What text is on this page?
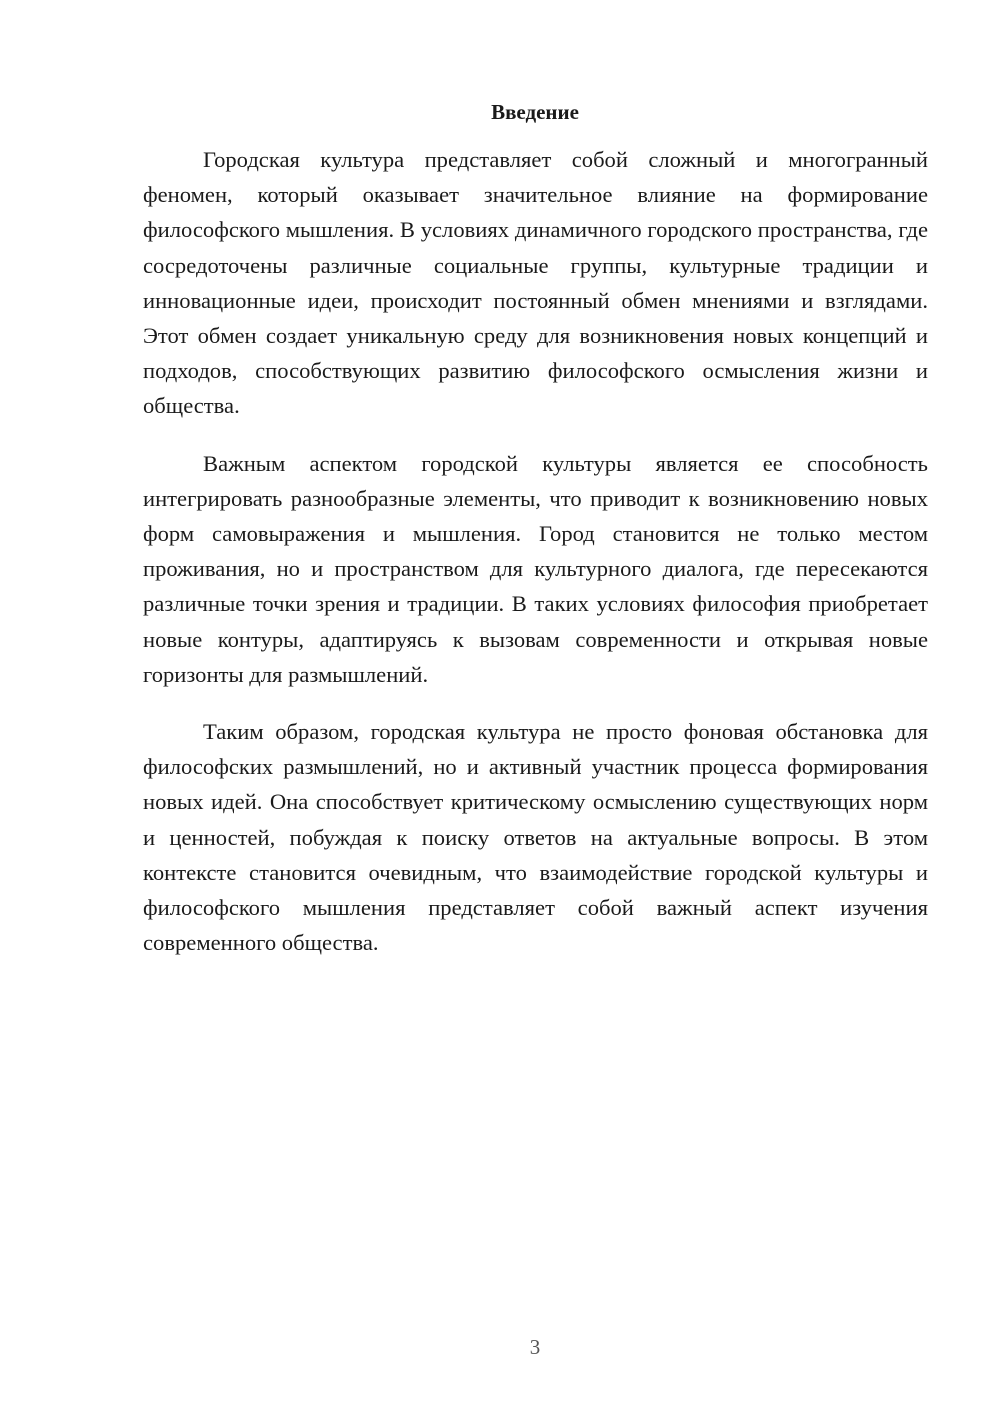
Введение

Городская культура представляет собой сложный и многогранный феномен, который оказывает значительное влияние на формирование философского мышления. В условиях динамичного городского пространства, где сосредоточены различные социальные группы, культурные традиции и инновационные идеи, происходит постоянный обмен мнениями и взглядами. Этот обмен создает уникальную среду для возникновения новых концепций и подходов, способствующих развитию философского осмысления жизни и общества.

Важным аспектом городской культуры является ее способность интегрировать разнообразные элементы, что приводит к возникновению новых форм самовыражения и мышления. Город становится не только местом проживания, но и пространством для культурного диалога, где пересекаются различные точки зрения и традиции. В таких условиях философия приобретает новые контуры, адаптируясь к вызовам современности и открывая новые горизонты для размышлений.

Таким образом, городская культура не просто фоновая обстановка для философских размышлений, но и активный участник процесса формирования новых идей. Она способствует критическому осмыслению существующих норм и ценностей, побуждая к поиску ответов на актуальные вопросы. В этом контексте становится очевидным, что взаимодействие городской культуры и философского мышления представляет собой важный аспект изучения современного общества.

3
